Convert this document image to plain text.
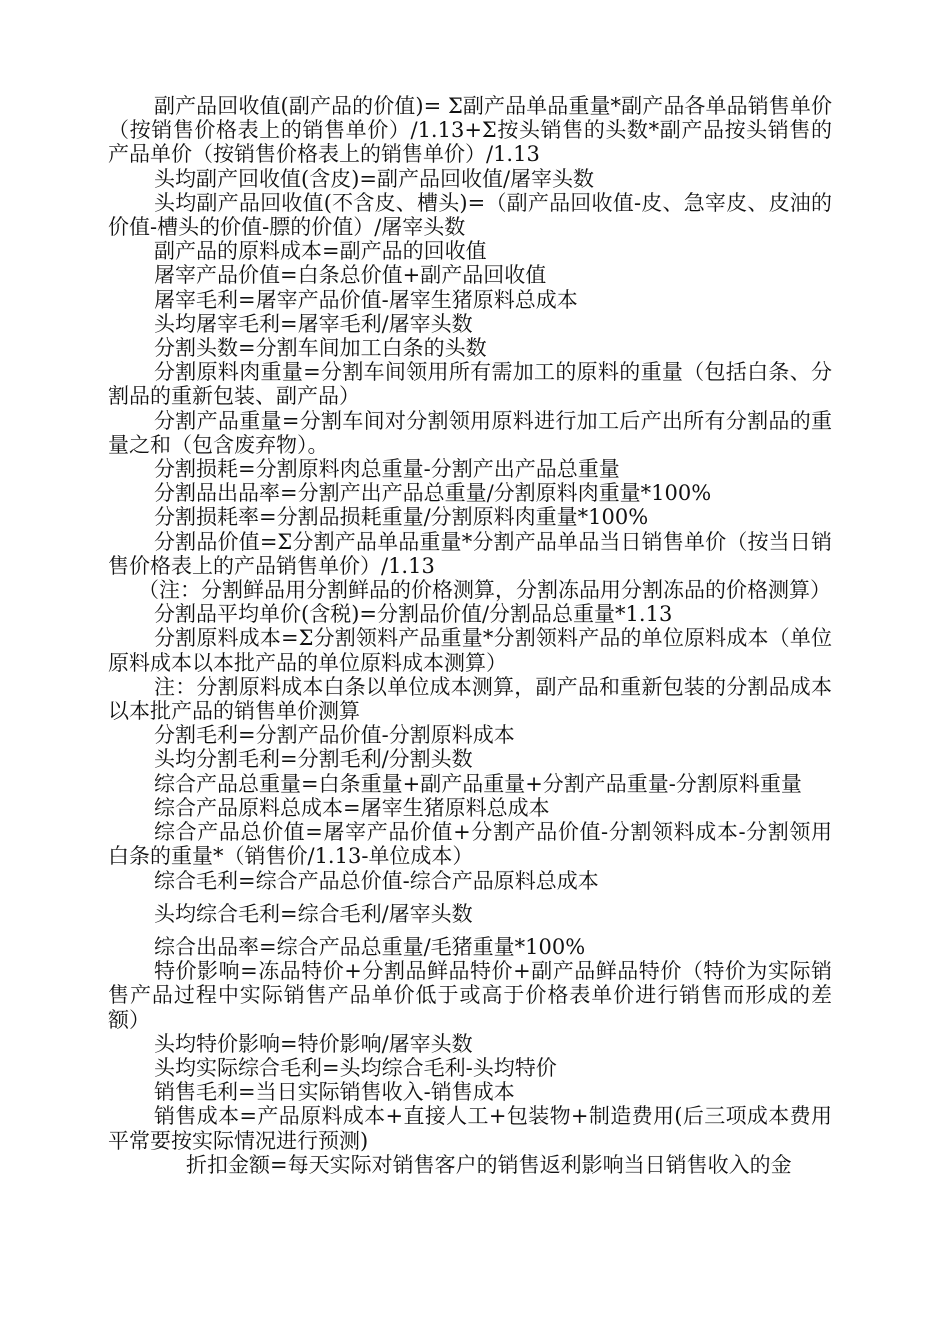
副产品回收值(副产品的价值)= Σ副产品单品重量*副产品各单品销售单价（按销售价格表上的销售单价）/1.13+Σ按头销售的头数*副产品按头销售的产品单价（按销售价格表上的销售单价）/1.13

头均副产回收值(含皮)=副产品回收值/屠宰头数

头均副产品回收值(不含皮、槽头)=（副产品回收值-皮、急宰皮、皮油的价值-槽头的价值-膘的价值）/屠宰头数

副产品的原料成本=副产品的回收值

屠宰产品价值=白条总价值+副产品回收值

屠宰毛利=屠宰产品价值-屠宰生猪原料总成本

头均屠宰毛利=屠宰毛利/屠宰头数

分割头数=分割车间加工白条的头数

分割原料肉重量=分割车间领用所有需加工的原料的重量（包括白条、分割品的重新包装、副产品）

分割产品重量=分割车间对分割领用原料进行加工后产出所有分割品的重量之和（包含废弃物）。

分割损耗=分割原料肉总重量-分割产出产品总重量

分割品出品率=分割产出产品总重量/分割原料肉重量*100%

分割损耗率=分割品损耗重量/分割原料肉重量*100%

分割品价值=Σ分割产品单品重量*分割产品单品当日销售单价（按当日销售价格表上的产品销售单价）/1.13

（注：分割鲜品用分割鲜品的价格测算，分割冻品用分割冻品的价格测算）

分割品平均单价(含税)=分割品价值/分割品总重量*1.13

分割原料成本=Σ分割领料产品重量*分割领料产品的单位原料成本（单位原料成本以本批产品的单位原料成本测算）

注：分割原料成本白条以单位成本测算，副产品和重新包装的分割品成本以本批产品的销售单价测算

分割毛利=分割产品价值-分割原料成本

头均分割毛利=分割毛利/分割头数

综合产品总重量=白条重量+副产品重量+分割产品重量-分割原料重量

综合产品原料总成本=屠宰生猪原料总成本

综合产品总价值=屠宰产品价值+分割产品价值-分割领料成本-分割领用白条的重量*（销售价/1.13-单位成本）

综合毛利=综合产品总价值-综合产品原料总成本

头均综合毛利=综合毛利/屠宰头数

综合出品率=综合产品总重量/毛猪重量*100%

特价影响=冻品特价+分割品鲜品特价+副产品鲜品特价（特价为实际销售产品过程中实际销售产品单价低于或高于价格表单价进行销售而形成的差额）

头均特价影响=特价影响/屠宰头数

头均实际综合毛利=头均综合毛利-头均特价

销售毛利=当日实际销售收入-销售成本

销售成本=产品原料成本+直接人工+包装物+制造费用(后三项成本费用平常要按实际情况进行预测)

折扣金额=每天实际对销售客户的销售返利影响当日销售收入的金
